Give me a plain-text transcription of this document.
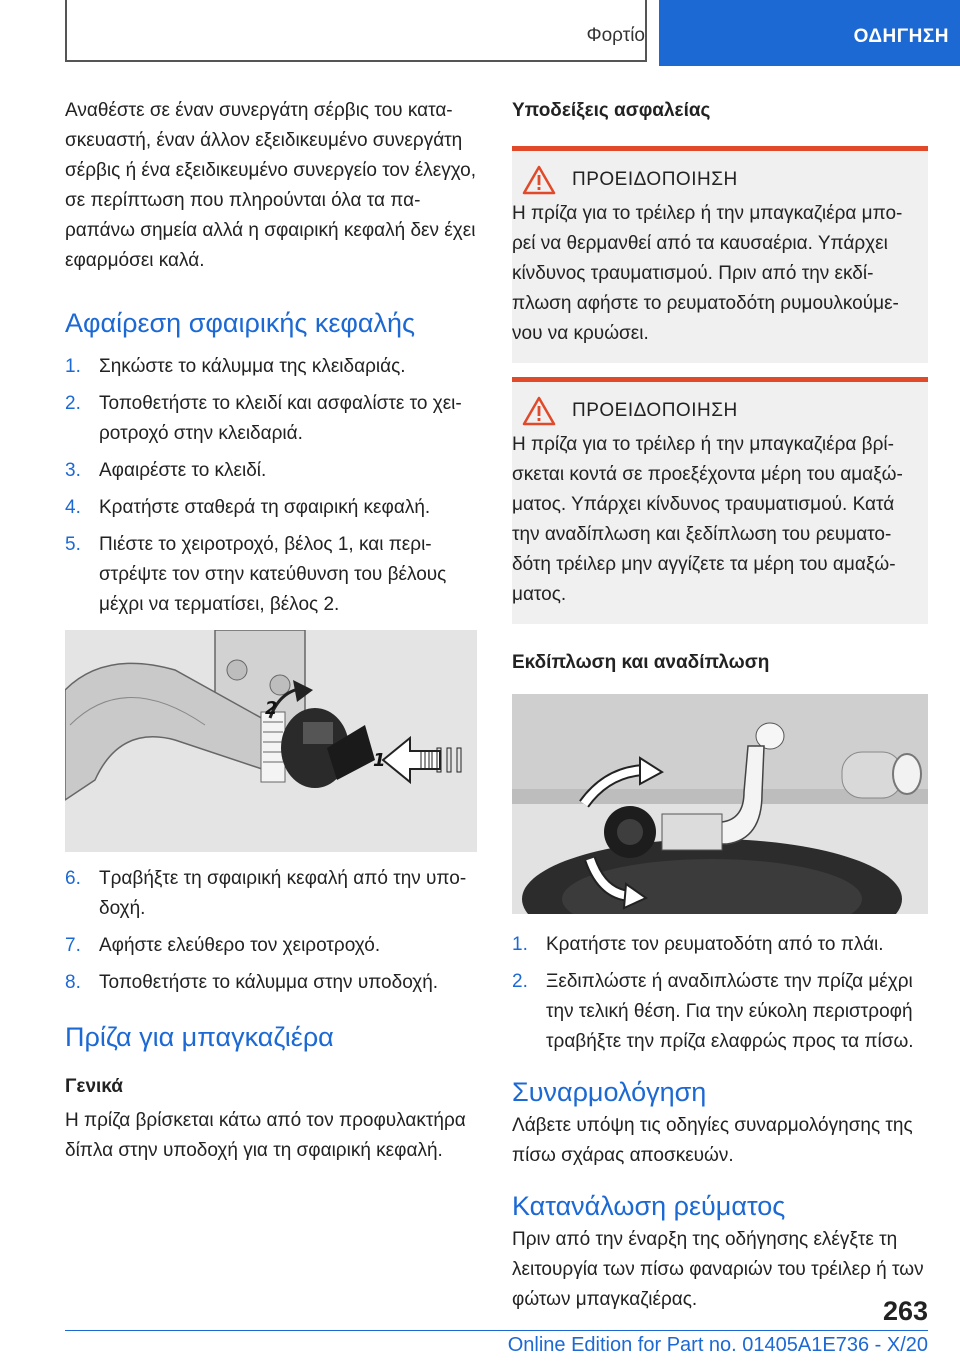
Φορτίο	ΟΔΗΓΗΣΗ

Αναθέστε σε έναν συνεργάτη σέρβις του κατα-σκευαστή, έναν άλλον εξειδικευμένο συνεργάτη σέρβις ή ένα εξειδικευμένο συνεργείο τον έλεγχο, σε περίπτωση που πληρούνται όλα τα πα-ραπάνω σημεία αλλά η σφαιρική κεφαλή δεν έχει εφαρμόσει καλά.

Αφαίρεση σφαιρικής κεφαλής
1. Σηκώστε το κάλυμμα της κλειδαριάς.
2. Τοποθετήστε το κλειδί και ασφαλίστε το χει-ροτροχό στην κλειδαριά.
3. Αφαιρέστε το κλειδί.
4. Κρατήστε σταθερά τη σφαιρική κεφαλή.
5. Πιέστε το χειροτροχό, βέλος 1, και περι-στρέψτε τον στην κατεύθυνση του βέλους μέχρι να τερματίσει, βέλος 2.
2
1
6. Τραβήξτε τη σφαιρική κεφαλή από την υπο-δοχή.
7. Αφήστε ελεύθερο τον χειροτροχό.
8. Τοποθετήστε το κάλυμμα στην υποδοχή.
Πρίζα για μπαγκαζιέρα
Γενικά

Η πρίζα βρίσκεται κάτω από τον προφυλακτήρα δίπλα στην υποδοχή για τη σφαιρική κεφαλή.

Υποδείξεις ασφαλείας
ΠΡΟΕΙΔΟΠΟΙΗΣΗ

Η πρίζα για το τρέιλερ ή την μπαγκαζιέρα μπο-ρεί να θερμανθεί από τα καυσαέρια. Υπάρχει κίνδυνος τραυματισμού. Πριν από την εκδί-πλωση αφήστε το ρευματοδότη ρυμουλκούμε-νου να κρυώσει.

ΠΡΟΕΙΔΟΠΟΙΗΣΗ

Η πρίζα για το τρέιλερ ή την μπαγκαζιέρα βρί-σκεται κοντά σε προεξέχοντα μέρη του αμαξώ-ματος. Υπάρχει κίνδυνος τραυματισμού. Κατά την αναδίπλωση και ξεδίπλωση του ρευματο-δότη τρέιλερ μην αγγίζετε τα μέρη του αμαξώ-ματος.

Εκδίπλωση και αναδίπλωση
1. Κρατήστε τον ρευματοδότη από το πλάι.
2. Ξεδιπλώστε ή αναδιπλώστε την πρίζα μέχρι την τελική θέση. Για την εύκολη περιστροφή τραβήξτε την πρίζα ελαφρώς προς τα πίσω.
Συναρμολόγηση

Λάβετε υπόψη τις οδηγίες συναρμολόγησης της πίσω σχάρας αποσκευών.

Κατανάλωση ρεύματος

Πριν από την έναρξη της οδήγησης ελέγξτε τη λειτουργία των πίσω φαναριών του τρέιλερ ή των φώτων μπαγκαζιέρας.	263
Online Edition for Part no. 01405A1E736 - X/20
